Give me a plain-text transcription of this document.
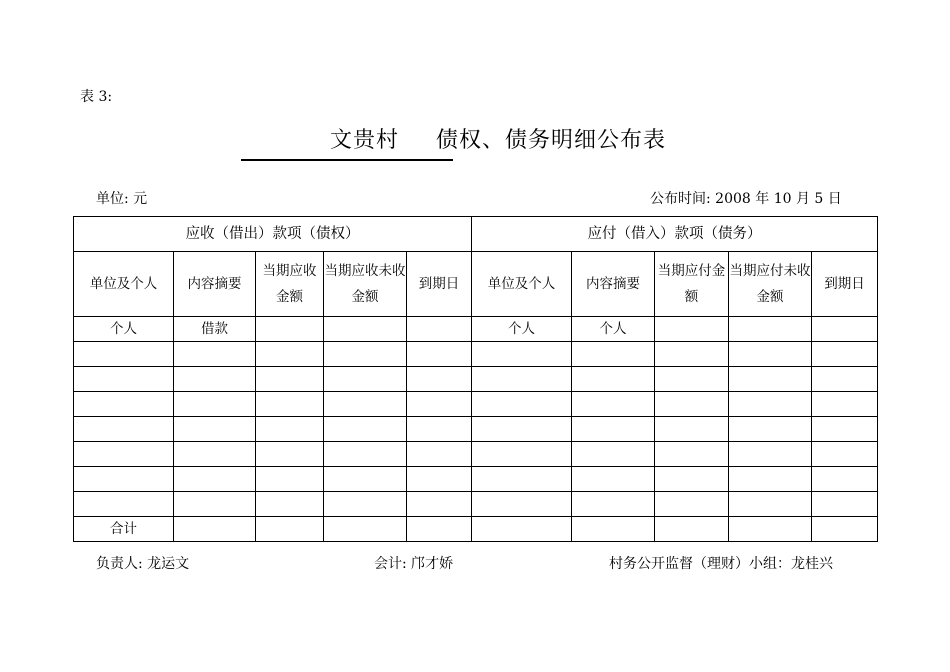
表 3:
文贵村 债权、债务明细公布表
单位: 元	公布时间: 2008 年 10 月 5 日
应收（借出）款项（债权）					应付（借入）款项（债务）				
单位及个人	内容摘要	当期应收金额	当期应收未收金额	到期日	单位及个人	内容摘要	当期应付金额	当期应付未收金额	到期日
个人	借款				个人	个人			

合计									
负责人: 龙运文	会计: 邝才娇	村务公开监督（理财）小组：龙桂兴
